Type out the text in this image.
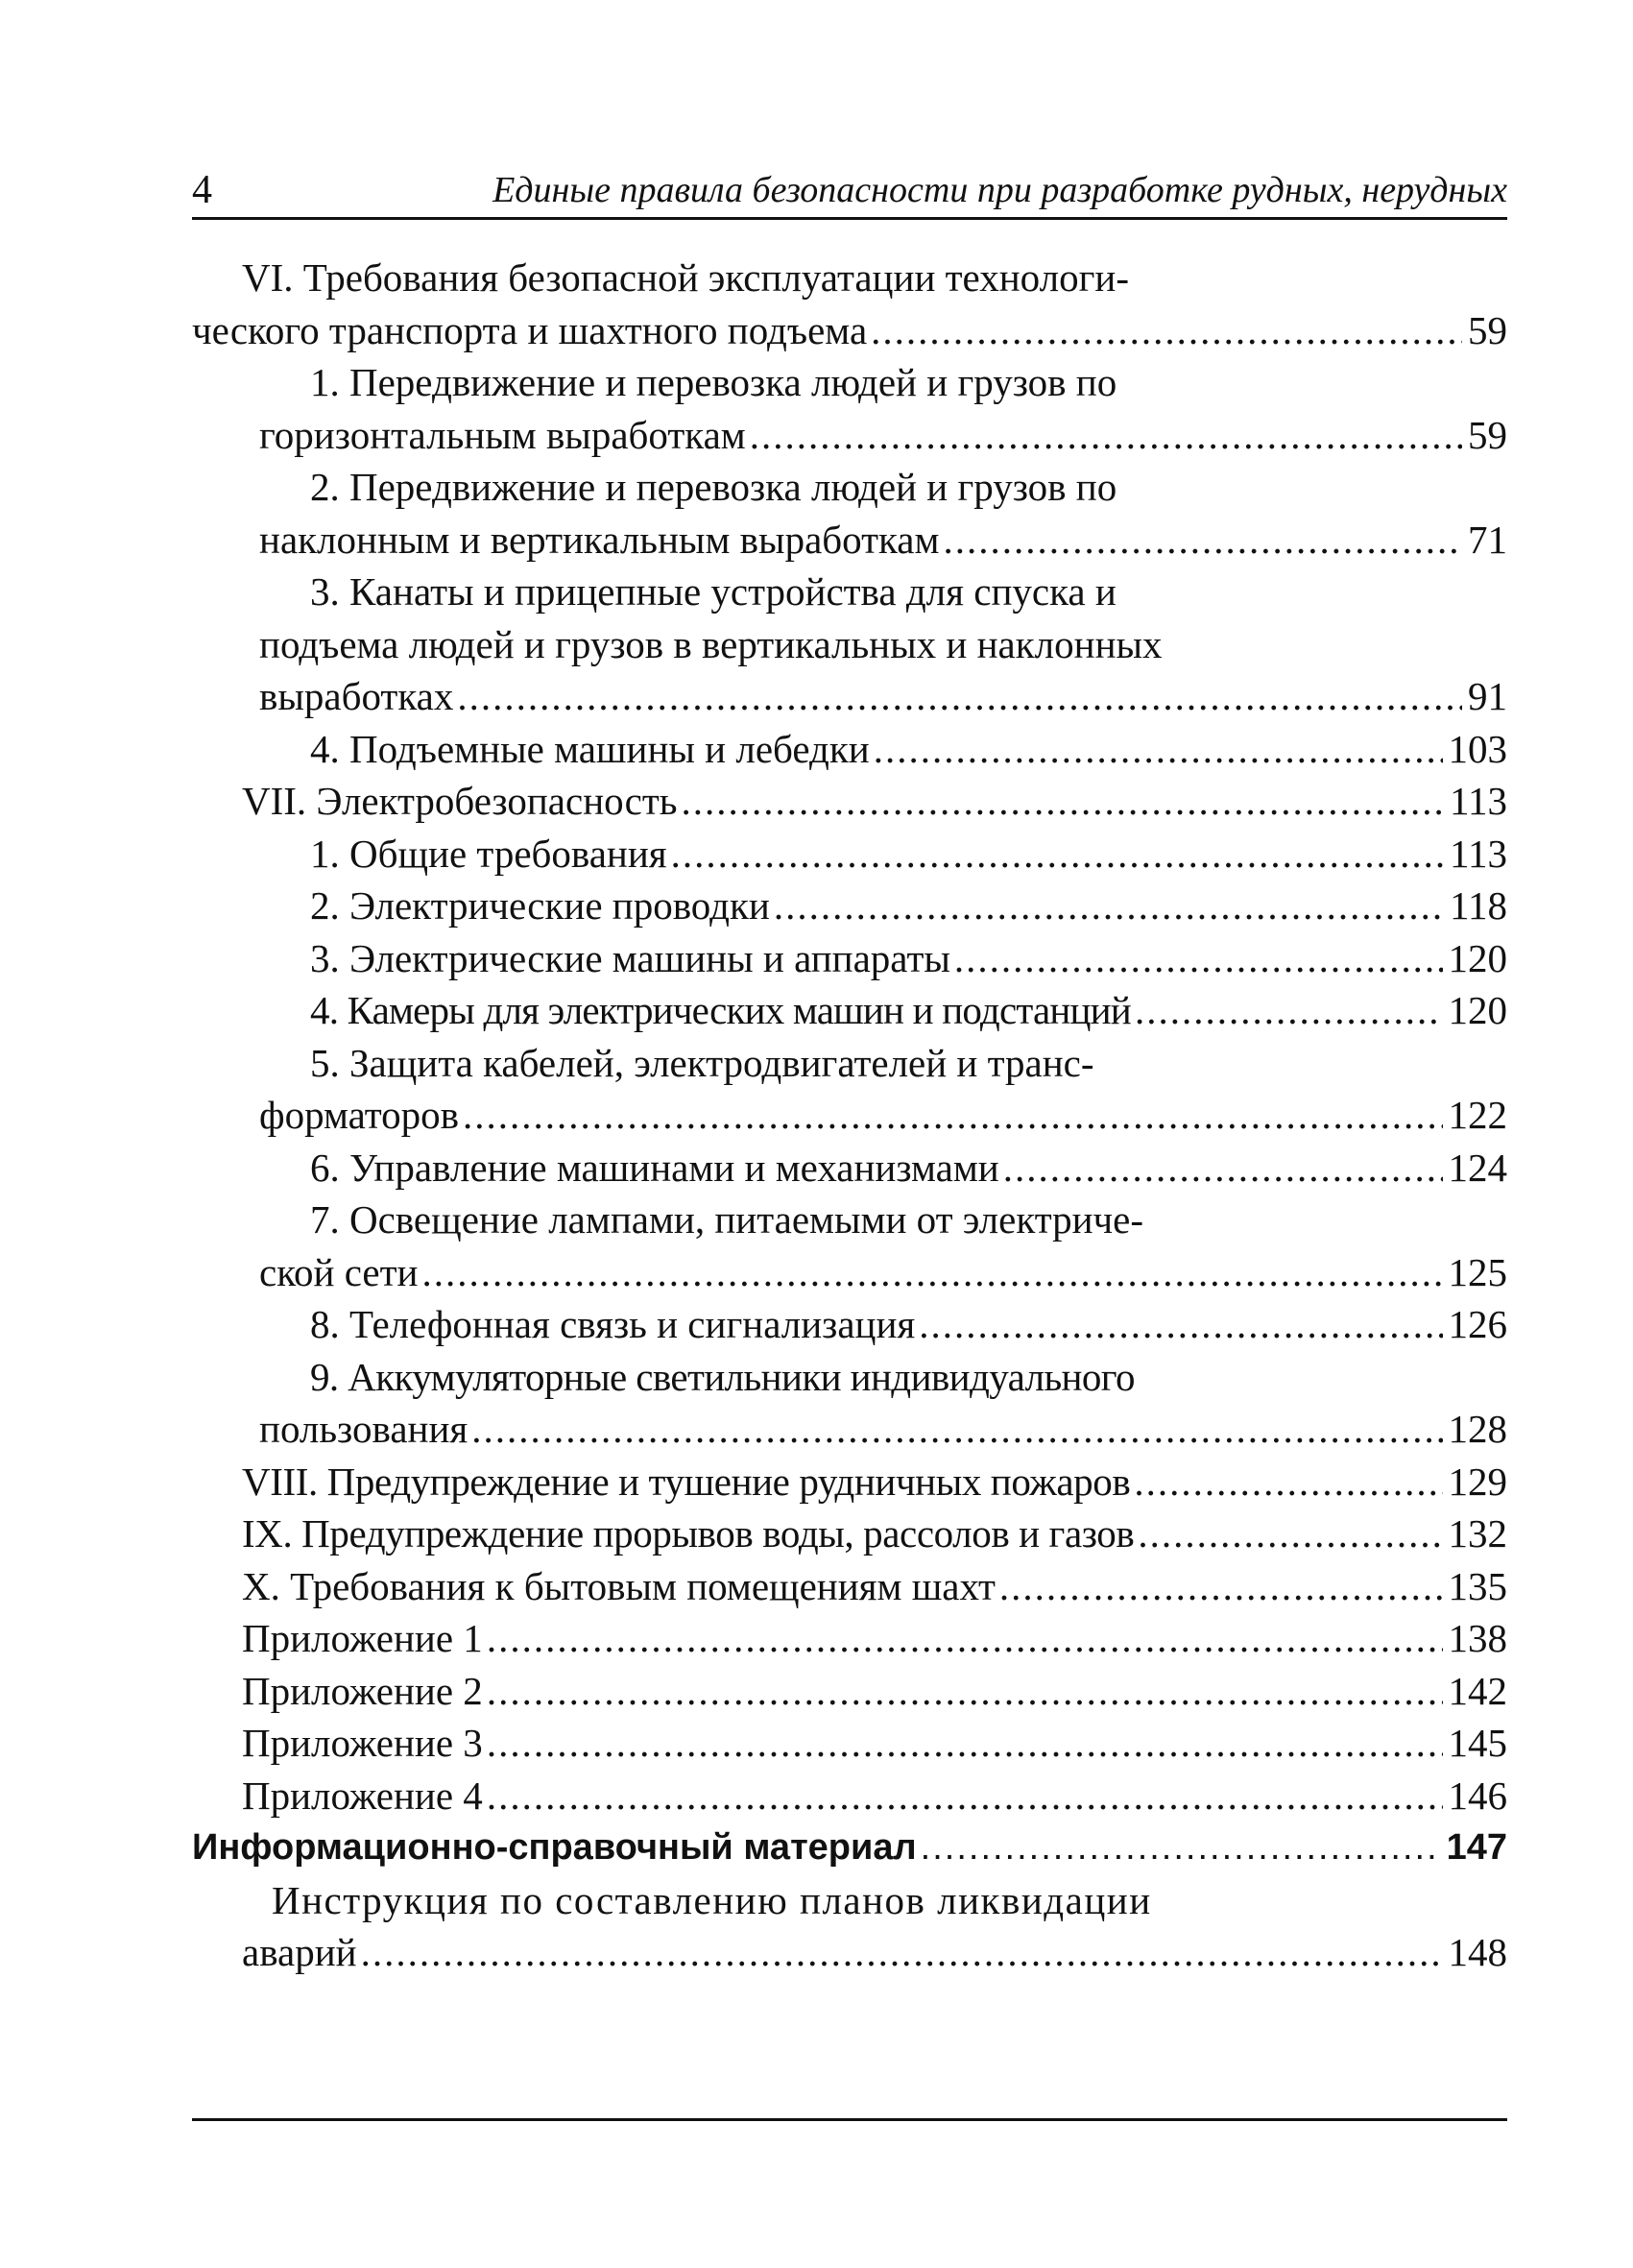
4	Единые правила безопасности при разработке рудных, нерудных
VI. Требования безопасной эксплуатации технологи-
ческого транспорта и шахтного подъема .....	59
1. Передвижение и перевозка людей и грузов по
горизонтальным выработкам .....	59
2. Передвижение и перевозка людей и грузов по
наклонным и вертикальным выработкам .....	71
3. Канаты и прицепные устройства для спуска и
подъема людей и грузов в вертикальных и наклонных
выработках .....	91
4. Подъемные машины и лебедки .....	103
VII. Электробезопасность .....	113
1. Общие требования .....	113
2. Электрические проводки .....	118
3. Электрические машины и аппараты .....	120
4. Камеры для электрических машин и подстанций .....	120
5. Защита кабелей, электродвигателей и транс-
форматоров .....	122
6. Управление машинами и механизмами .....	124
7. Освещение лампами, питаемыми от электриче-
ской сети .....	125
8. Телефонная связь и сигнализация .....	126
9. Аккумуляторные светильники индивидуального
пользования .....	128
VIII. Предупреждение и тушение рудничных пожаров .....	129
IX. Предупреждение прорывов воды, рассолов и газов .....	132
X. Требования к бытовым помещениям шахт .....	135
Приложение 1 .....	138
Приложение 2 .....	142
Приложение 3 .....	145
Приложение 4 .....	146
Информационно-справочный материал .....	147
Инструкция по составлению планов ликвидации
аварий .....	148
